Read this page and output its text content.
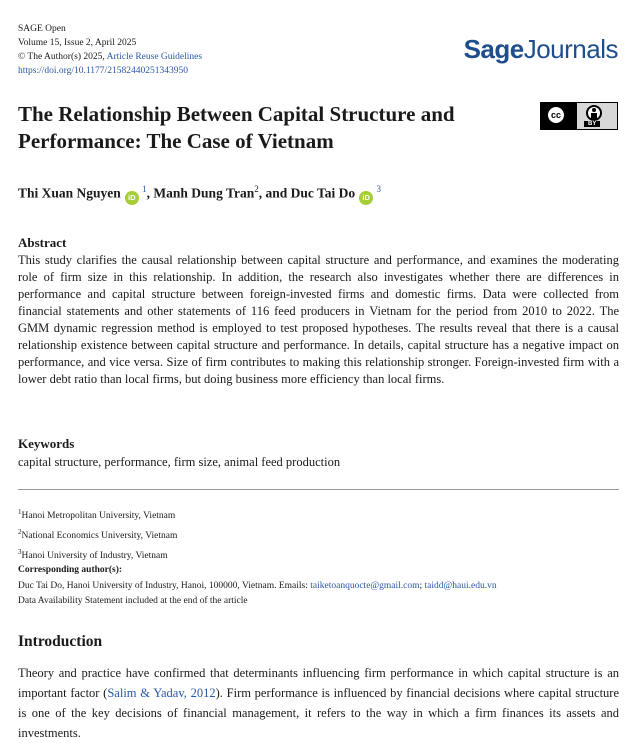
SAGE Open
Volume 15, Issue 2, April 2025
© The Author(s) 2025, Article Reuse Guidelines
https://doi.org/10.1177/21582440251343950
SageJournals
The Relationship Between Capital Structure and Performance: The Case of Vietnam
cc
BY
Thi Xuan Nguyen iD $^1$, Manh Dung Tran$^2$, and Duc Tai Do iD $^3$
Abstract

This study clarifies the causal relationship between capital structure and performance, and examines the moderating role of firm size in this relationship. In addition, the research also investigates whether there are differences in performance and capital structure between foreign-invested firms and domestic firms. Data were collected from financial statements and other statements of 116 feed producers in Vietnam for the period from 2010 to 2022. The GMM dynamic regression method is employed to test proposed hypotheses. The results reveal that there is a causal relationship existence between capital structure and performance. In details, capital structure has a negative impact on performance, and vice versa. Size of firm contributes to making this relationship stronger. Foreign-invested firm with a lower debt ratio than local firms, but doing business more efficiency than local firms.

Keywords

capital structure, performance, firm size, animal feed production

$^1$Hanoi Metropolitan University, Vietnam
$^2$National Economics University, Vietnam
$^3$Hanoi University of Industry, Vietnam
Corresponding author(s):
Duc Tai Do, Hanoi University of Industry, Hanoi, 100000, Vietnam. Emails: taiketoanquocte@gmail.com; taidd@haui.edu.vn
Data Availability Statement included at the end of the article
Introduction

Theory and practice have confirmed that determinants influencing firm performance in which capital structure is an important factor (Salim & Yadav, 2012). Firm performance is influenced by financial decisions where capital structure is one of the key decisions of financial management, it refers to the way in which a firm finances its assets and investments.
